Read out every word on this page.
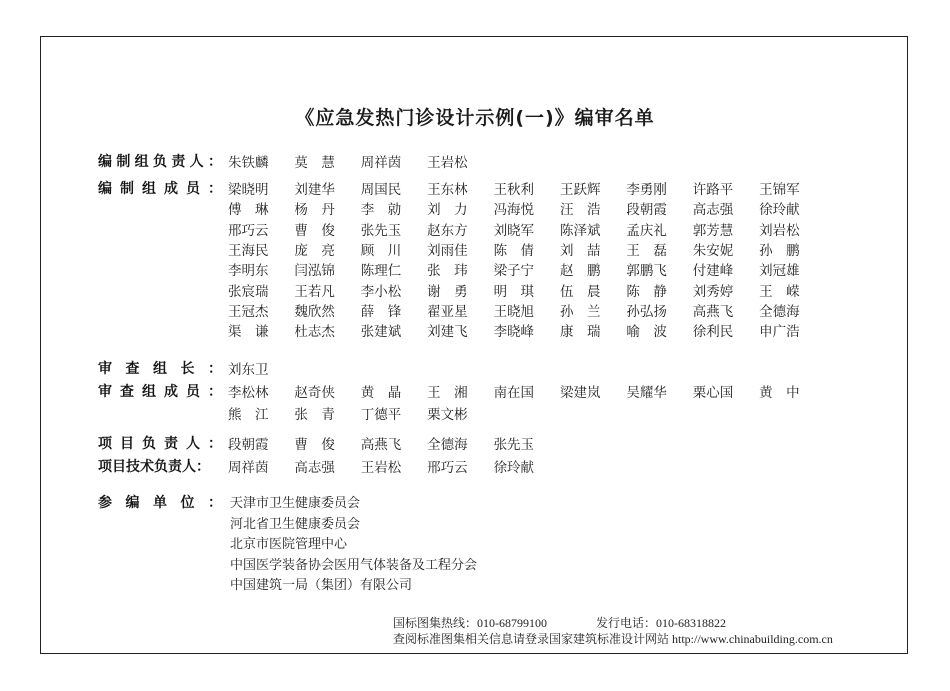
《应急发热门诊设计示例(一)》编审名单
编 制 组 负 责 人 ： 朱铁麟 莫　慧 周祥茵 王岩松
编 制 组 成 员 ： 梁晓明 刘建华 周国民 王东林 王秋利 王跃辉 李勇刚 许路平 王锦军
傅　琳 杨　丹 李　勍 刘　力 冯海悦 汪　浩 段朝霞 高志强 徐玲献
邢巧云 曹　俊 张先玉 赵东方 刘晓军 陈泽斌 孟庆礼 郭芳慧 刘岩松
王海民 庞　亮 顾　川 刘雨佳 陈　倩 刘　喆 王　磊 朱安妮 孙　鹏
李明东 闫泓锦 陈理仁 张　玮 梁子宁 赵　鹏 郭鹏飞 付建峰 刘冠雄
张宸瑞 王若凡 李小松 谢　勇 明　琪 伍　晨 陈　静 刘秀婷 王　嵘
王冠杰 魏欣然 薛　锋 翟亚星 王晓旭 孙　兰 孙弘扬 高燕飞 全德海
渠　谦 杜志杰 张建斌 刘建飞 李晓峰 康　瑞 喻　波 徐利民 申广浩
审 查 组 长 ： 刘东卫
审 查 组 成 员 ： 李松林 赵奇侠 黄　晶 王　湘 南在国 梁建岚 吴耀华 栗心国 黄　中
熊　江 张　青 丁德平 栗文彬
项 目 负 责 人 ： 段朝霞 曹　俊 高燕飞 全德海 张先玉
项目技术负责人：	周祥茵 高志强 王岩松 邢巧云 徐玲献
参 编 单 位 ： 天津市卫生健康委员会
河北省卫生健康委员会
北京市医院管理中心
中国医学装备协会医用气体装备及工程分会
中国建筑一局（集团）有限公司
国标图集热线：010-68799100	发行电话：010-68318822
查阅标准图集相关信息请登录国家建筑标准设计网站 http://www.chinabuilding.com.cn
